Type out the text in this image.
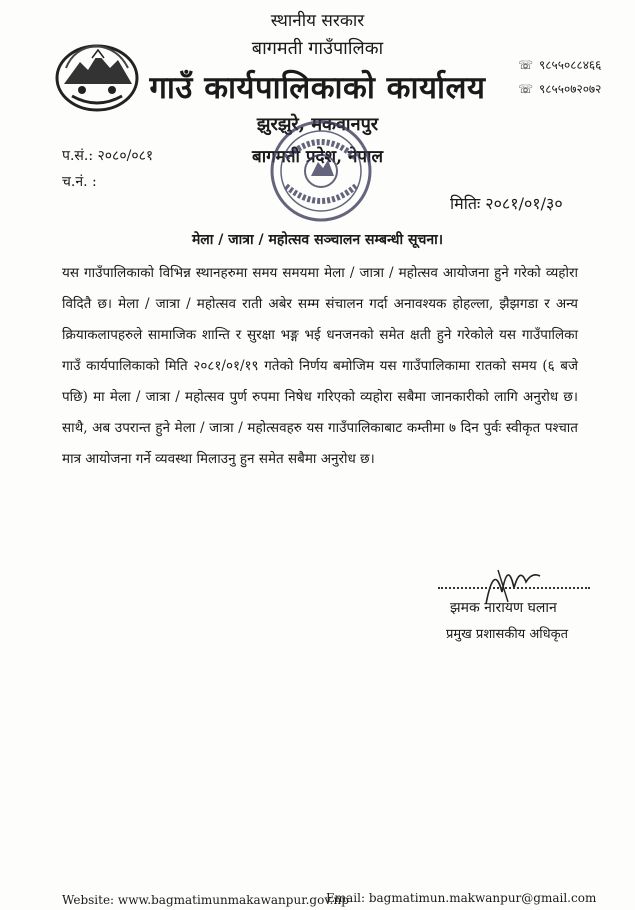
स्थानीय सरकार
बागमती गाउँपालिका
गाउँ कार्यपालिकाको कार्यालय
झुरझुरे, मकवानपुर
बागमती प्रदेश, नेपाल
☏ ९८५५०८८४६६
☏ ९८५५०७२०७२
प.सं.: २०८०/०८१
च.नं. :
मितिः २०८१/०१/३०
मेला / जात्रा / महोत्सव सञ्चालन सम्बन्धी सूचना।

यस गाउँपालिकाको विभिन्न स्थानहरुमा समय समयमा मेला / जात्रा / महोत्सव आयोजना हुने गरेको व्यहोरा विदितै छ। मेला / जात्रा / महोत्सव राती अबेर सम्म संचालन गर्दा अनावश्यक होहल्ला, झैझगडा र अन्य क्रियाकलापहरुले सामाजिक शान्ति र सुरक्षा भङ्ग भई धनजनको समेत क्षती हुने गरेकोले यस गाउँपालिका गाउँ कार्यपालिकाको मिति २०८१/०१/१९ गतेको निर्णय बमोजिम यस गाउँपालिकामा रातको समय (६ बजे पछि) मा मेला / जात्रा / महोत्सव पुर्ण रुपमा निषेध गरिएको व्यहोरा सबैमा जानकारीको लागि अनुरोध छ। साथै, अब उपरान्त हुने मेला / जात्रा / महोत्सवहरु यस गाउँपालिकाबाट कम्तीमा ७ दिन पुर्वः स्वीकृत पश्चात मात्र आयोजना गर्ने व्यवस्था मिलाउनु हुन समेत सबैमा अनुरोध छ।

झमक नारायण घलान
प्रमुख प्रशासकीय अधिकृत
Website: www.bagmatimunmakawanpur.gov.np
Email: bagmatimun.makwanpur@gmail.com
